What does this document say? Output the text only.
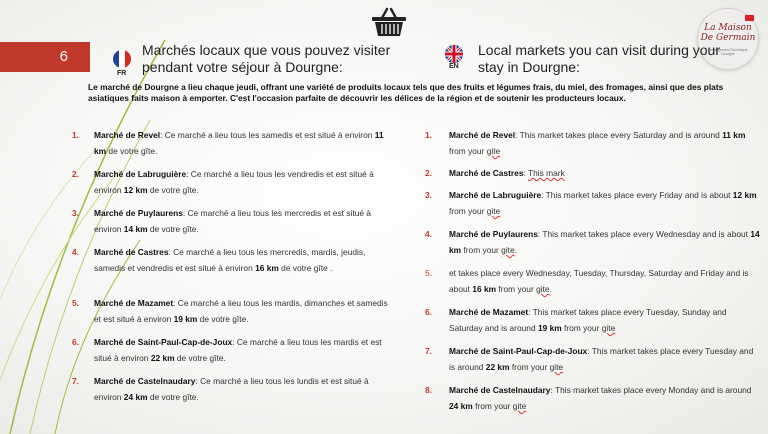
La Maison
De Germain
Hébergement Touristique Dourgne
6
FR
Marchés locaux que vous pouvez visiter pendant votre séjour à Dourgne:	EN
Local markets you can visit during your stay in Dourgne:

Le marché de Dourgne a lieu chaque jeudi, offrant une variété de produits locaux tels que des fruits et légumes frais, du miel, des fromages, ainsi que des plats asiatiques faits maison à emporter. C'est l'occasion parfaite de découvrir les délices de la région et de soutenir les producteurs locaux.

1. Marché de Revel: Ce marché a lieu tous les samedis et est situé à environ 11 km de votre gîte.
2. Marché de Labruguière: Ce marché a lieu tous les vendredis et est situé à environ 12 km de votre gîte.
3. Marché de Puylaurens: Ce marché a lieu tous les mercredis et est situé à environ 14 km de votre gîte.
4. Marché de Castres: Ce marché a lieu tous les mercredis, mardis, jeudis, samedis et vendredis et est situé à environ 16 km de votre gîte .
5. Marché de Mazamet: Ce marché a lieu tous les mardis, dimanches et samedis et est situé à environ 19 km de votre gîte.
6. Marché de Saint-Paul-Cap-de-Joux: Ce marché a lieu tous les mardis et est situé à environ 22 km de votre gîte.
7. Marché de Castelnaudary: Ce marché a lieu tous les lundis et est situé à environ 24 km de votre gîte.
1. Marché de Revel: This market takes place every Saturday and is around 11 km from your gite
2. Marché de Castres: This mark
3. Marché de Labruguière: This market takes place every Friday and is about 12 km from your gite
4. Marché de Puylaurens: This market takes place every Wednesday and is about 14 km from your gite.
5. et takes place every Wednesday, Tuesday, Thursday, Saturday and Friday and is about 16 km from your gite.
6. Marché de Mazamet: This market takes place every Tuesday, Sunday and Saturday and is around 19 km from your gite
7. Marché de Saint-Paul-Cap-de-Joux: This market takes place every Tuesday and is around 22 km from your gite
8. Marché de Castelnaudary: This market takes place every Monday and is around 24 km from your gite
